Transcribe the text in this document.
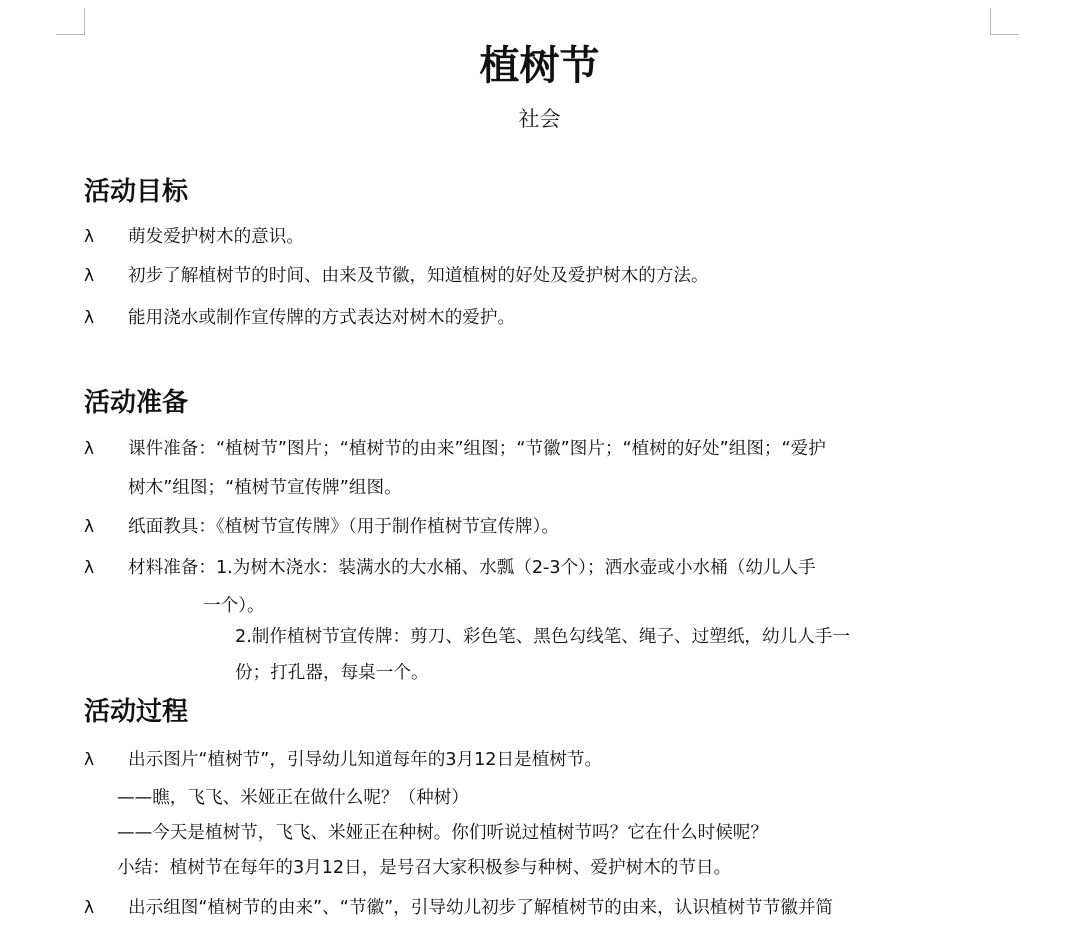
植树节
社会
活动目标
λ 萌发爱护树木的意识。
λ 初步了解植树节的时间、由来及节徽，知道植树的好处及爱护树木的方法。
λ 能用浇水或制作宣传牌的方式表达对树木的爱护。
活动准备
λ 课件准备：“植树节”图片；“植树节的由来”组图；“节徽”图片；“植树的好处”组图；“爱护
树木”组图；“植树节宣传牌”组图。
λ 纸面教具：《植树节宣传牌》（用于制作植树节宣传牌）。
λ 材料准备：1.为树木浇水：装满水的大水桶、水瓢（2-3个）；洒水壶或小水桶（幼儿人手
一个）。
2.制作植树节宣传牌：剪刀、彩色笔、黑色勾线笔、绳子、过塑纸，幼儿人手一
份；打孔器，每桌一个。
活动过程
λ 出示图片“植树节”，引导幼儿知道每年的3月12日是植树节。
——瞧，飞飞、米娅正在做什么呢？（种树）
——今天是植树节，飞飞、米娅正在种树。你们听说过植树节吗？它在什么时候呢？
小结：植树节在每年的3月12日，是号召大家积极参与种树、爱护树木的节日。
λ 出示组图“植树节的由来”、“节徽”，引导幼儿初步了解植树节的由来，认识植树节节徽并简
